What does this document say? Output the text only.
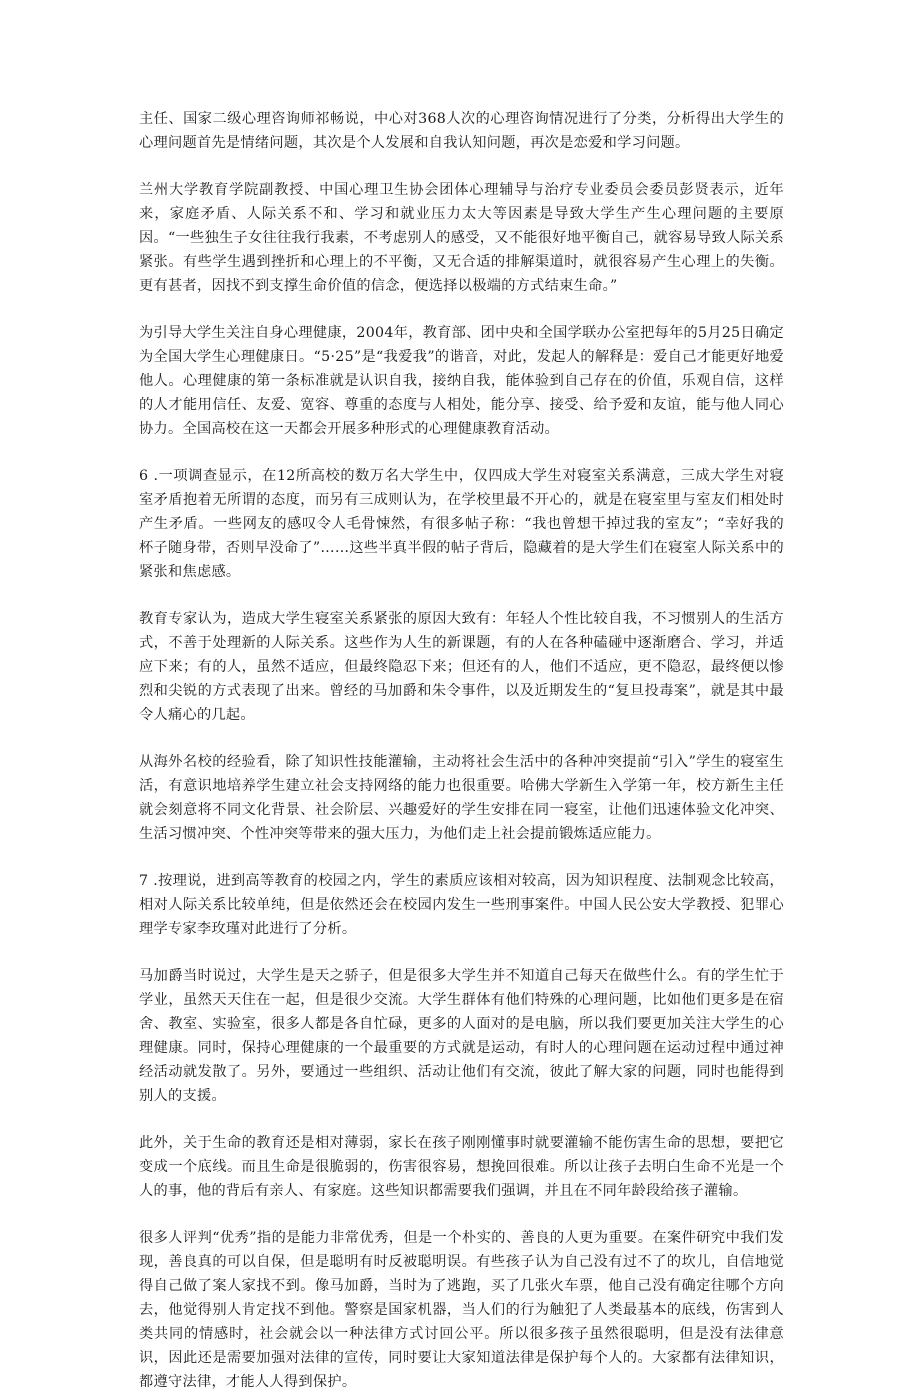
主任、国家二级心理咨询师祁畅说，中心对368人次的心理咨询情况进行了分类，分析得出大学生的心理问题首先是情绪问题，其次是个人发展和自我认知问题，再次是恋爱和学习问题。

兰州大学教育学院副教授、中国心理卫生协会团体心理辅导与治疗专业委员会委员彭贤表示，近年来，家庭矛盾、人际关系不和、学习和就业压力太大等因素是导致大学生产生心理问题的主要原因。“一些独生子女往往我行我素，不考虑别人的感受，又不能很好地平衡自己，就容易导致人际关系紧张。有些学生遇到挫折和心理上的不平衡，又无合适的排解渠道时，就很容易产生心理上的失衡。更有甚者，因找不到支撑生命价值的信念，便选择以极端的方式结束生命。”

为引导大学生关注自身心理健康，2004年，教育部、团中央和全国学联办公室把每年的5月25日确定为全国大学生心理健康日。“5·25”是“我爱我”的谐音，对此，发起人的解释是：爱自己才能更好地爱他人。心理健康的第一条标准就是认识自我，接纳自我，能体验到自己存在的价值，乐观自信，这样的人才能用信任、友爱、宽容、尊重的态度与人相处，能分享、接受、给予爱和友谊，能与他人同心协力。全国高校在这一天都会开展多种形式的心理健康教育活动。

6 .一项调查显示，在12所高校的数万名大学生中，仅四成大学生对寝室关系满意，三成大学生对寝室矛盾抱着无所谓的态度，而另有三成则认为，在学校里最不开心的，就是在寝室里与室友们相处时产生矛盾。一些网友的感叹令人毛骨悚然，有很多帖子称：“我也曾想干掉过我的室友”；“幸好我的杯子随身带，否则早没命了”……这些半真半假的帖子背后，隐藏着的是大学生们在寝室人际关系中的紧张和焦虑感。

教育专家认为，造成大学生寝室关系紧张的原因大致有：年轻人个性比较自我，不习惯别人的生活方式，不善于处理新的人际关系。这些作为人生的新课题，有的人在各种磕碰中逐渐磨合、学习，并适应下来；有的人，虽然不适应，但最终隐忍下来；但还有的人，他们不适应，更不隐忍，最终便以惨烈和尖锐的方式表现了出来。曾经的马加爵和朱令事件，以及近期发生的“复旦投毒案”，就是其中最令人痛心的几起。

从海外名校的经验看，除了知识性技能灌输，主动将社会生活中的各种冲突提前“引入”学生的寝室生活，有意识地培养学生建立社会支持网络的能力也很重要。哈佛大学新生入学第一年，校方新生主任就会刻意将不同文化背景、社会阶层、兴趣爱好的学生安排在同一寝室，让他们迅速体验文化冲突、生活习惯冲突、个性冲突等带来的强大压力，为他们走上社会提前锻炼适应能力。

7 .按理说，进到高等教育的校园之内，学生的素质应该相对较高，因为知识程度、法制观念比较高，相对人际关系比较单纯，但是依然还会在校园内发生一些刑事案件。中国人民公安大学教授、犯罪心理学专家李玫瑾对此进行了分析。

马加爵当时说过，大学生是天之骄子，但是很多大学生并不知道自己每天在做些什么。有的学生忙于学业，虽然天天住在一起，但是很少交流。大学生群体有他们特殊的心理问题，比如他们更多是在宿舍、教室、实验室，很多人都是各自忙碌，更多的人面对的是电脑，所以我们要更加关注大学生的心理健康。同时，保持心理健康的一个最重要的方式就是运动，有时人的心理问题在运动过程中通过神经活动就发散了。另外，要通过一些组织、活动让他们有交流，彼此了解大家的问题，同时也能得到别人的支援。

此外，关于生命的教育还是相对薄弱，家长在孩子刚刚懂事时就要灌输不能伤害生命的思想，要把它变成一个底线。而且生命是很脆弱的，伤害很容易，想挽回很难。所以让孩子去明白生命不光是一个人的事，他的背后有亲人、有家庭。这些知识都需要我们强调，并且在不同年龄段给孩子灌输。

很多人评判“优秀”指的是能力非常优秀，但是一个朴实的、善良的人更为重要。在案件研究中我们发现，善良真的可以自保，但是聪明有时反被聪明误。有些孩子认为自己没有过不了的坎儿，自信地觉得自己做了案人家找不到。像马加爵，当时为了逃跑，买了几张火车票，他自己没有确定往哪个方向去，他觉得别人肯定找不到他。警察是国家机器，当人们的行为触犯了人类最基本的底线，伤害到人类共同的情感时，社会就会以一种法律方式讨回公平。所以很多孩子虽然很聪明，但是没有法律意识，因此还是需要加强对法律的宣传，同时要让大家知道法律是保护每个人的。大家都有法律知识，都遵守法律，才能人人得到保护。
